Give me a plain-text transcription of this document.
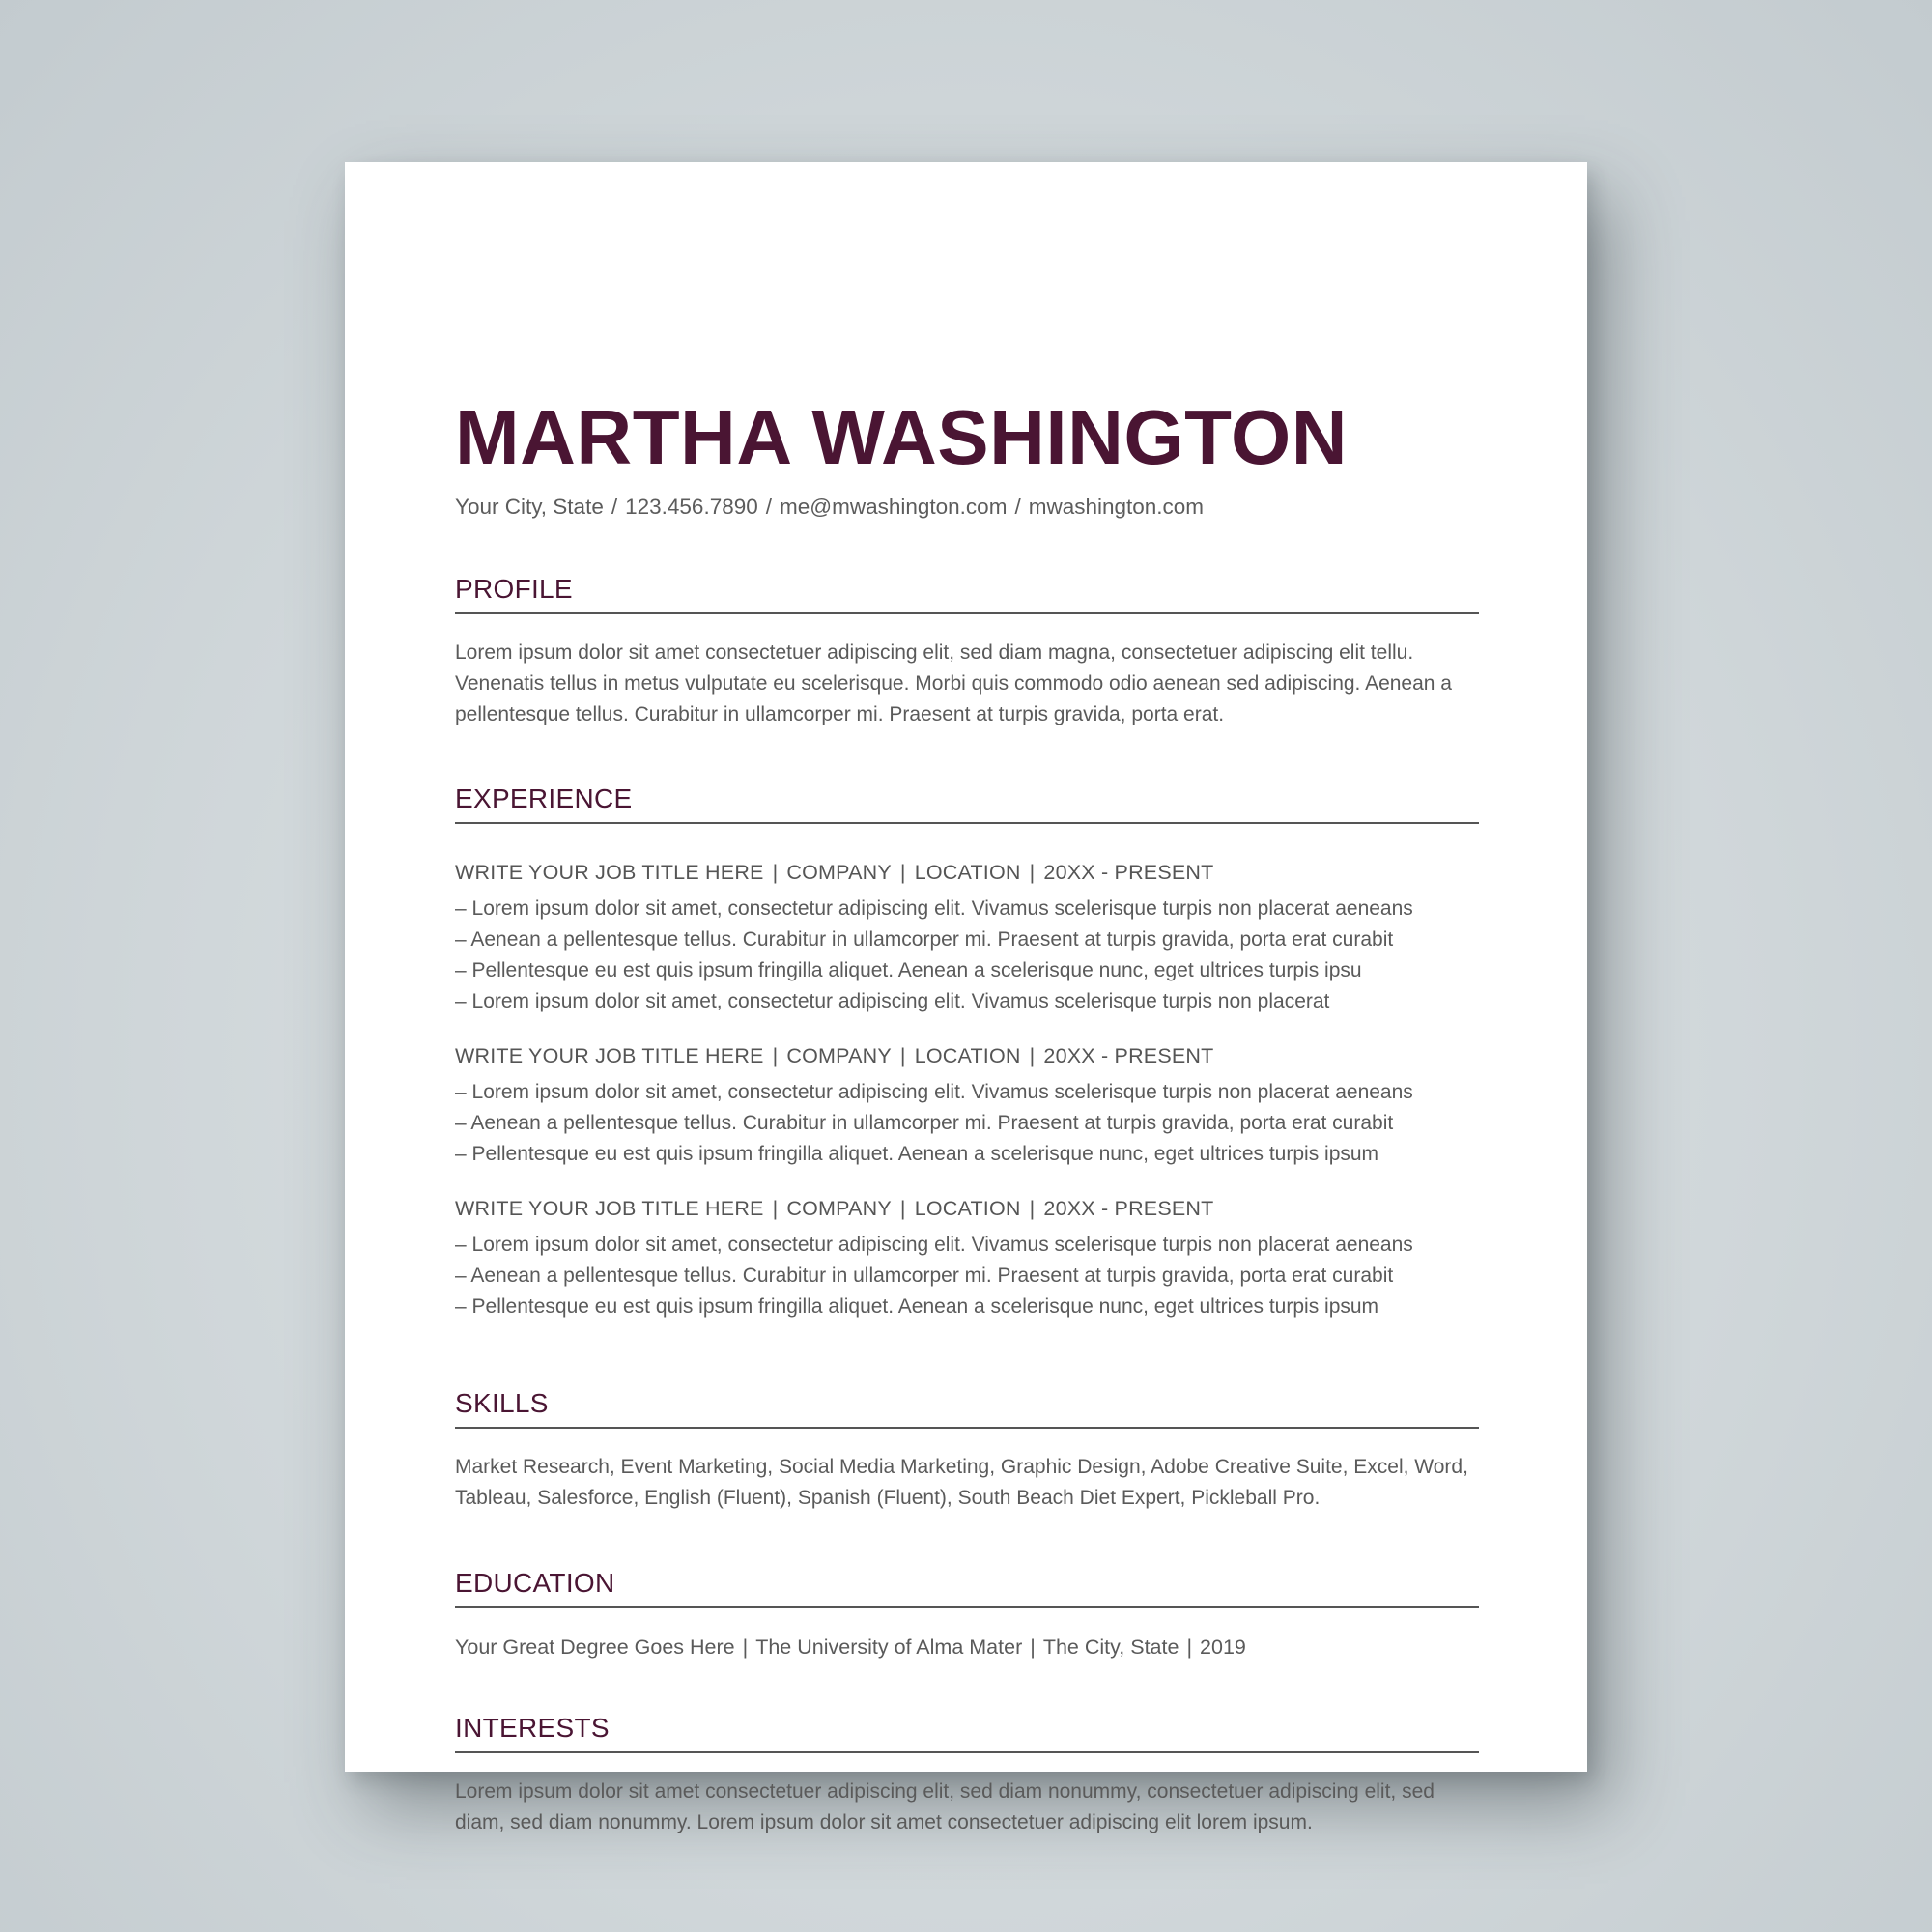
MARTHA WASHINGTON
Your City, State / 123.456.7890 / me@mwashington.com / mwashington.com
PROFILE

Lorem ipsum dolor sit amet consectetuer adipiscing elit, sed diam magna, consectetuer adipiscing elit tellu. Venenatis tellus in metus vulputate eu scelerisque. Morbi quis commodo odio aenean sed adipiscing. Aenean a pellentesque tellus. Curabitur in ullamcorper mi. Praesent at turpis gravida, porta erat.

EXPERIENCE
WRITE YOUR JOB TITLE HERE | COMPANY | LOCATION | 20XX - PRESENT
– Lorem ipsum dolor sit amet, consectetur adipiscing elit. Vivamus scelerisque turpis non placerat aeneans
– Aenean a pellentesque tellus. Curabitur in ullamcorper mi. Praesent at turpis gravida, porta erat curabit
– Pellentesque eu est quis ipsum fringilla aliquet. Aenean a scelerisque nunc, eget ultrices turpis ipsu
– Lorem ipsum dolor sit amet, consectetur adipiscing elit. Vivamus scelerisque turpis non placerat
WRITE YOUR JOB TITLE HERE | COMPANY | LOCATION | 20XX - PRESENT
– Lorem ipsum dolor sit amet, consectetur adipiscing elit. Vivamus scelerisque turpis non placerat aeneans
– Aenean a pellentesque tellus. Curabitur in ullamcorper mi. Praesent at turpis gravida, porta erat curabit
– Pellentesque eu est quis ipsum fringilla aliquet. Aenean a scelerisque nunc, eget ultrices turpis ipsum
WRITE YOUR JOB TITLE HERE | COMPANY | LOCATION | 20XX - PRESENT
– Lorem ipsum dolor sit amet, consectetur adipiscing elit. Vivamus scelerisque turpis non placerat aeneans
– Aenean a pellentesque tellus. Curabitur in ullamcorper mi. Praesent at turpis gravida, porta erat curabit
– Pellentesque eu est quis ipsum fringilla aliquet. Aenean a scelerisque nunc, eget ultrices turpis ipsum
SKILLS

Market Research, Event Marketing, Social Media Marketing, Graphic Design, Adobe Creative Suite, Excel, Word, Tableau, Salesforce, English (Fluent), Spanish (Fluent), South Beach Diet Expert, Pickleball Pro.

EDUCATION
Your Great Degree Goes Here | The University of Alma Mater | The City, State | 2019
INTERESTS

Lorem ipsum dolor sit amet consectetuer adipiscing elit, sed diam nonummy, consectetuer adipiscing elit, sed diam, sed diam nonummy. Lorem ipsum dolor sit amet consectetuer adipiscing elit lorem ipsum.
